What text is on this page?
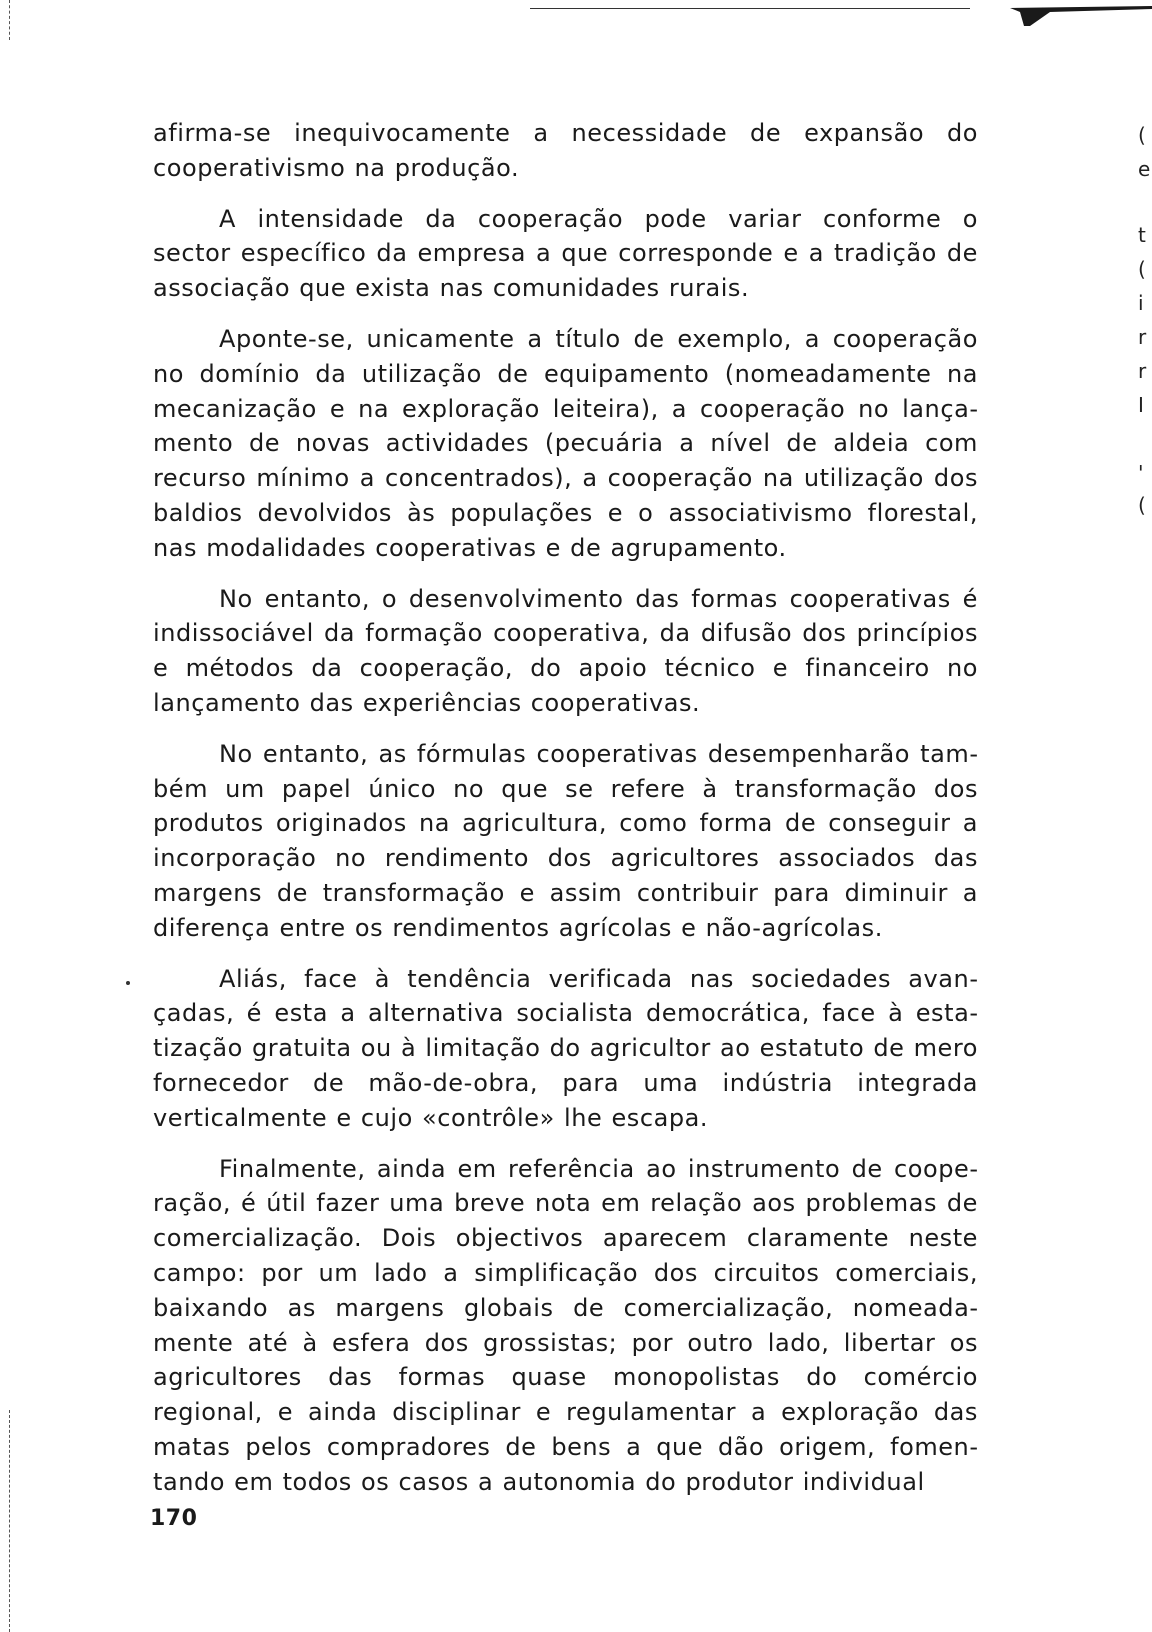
(
e
t
(
i
r
r
I
'
(

afirma-se inequivocamente a necessidade de expansão do cooperativismo na produção.

A intensidade da cooperação pode variar conforme o sector específico da empresa a que corresponde e a tradição de associação que exista nas comunidades rurais.

Aponte-se, unicamente a título de exemplo, a cooperação no domínio da utilização de equipamento (nomeadamente na mecanização e na exploração leiteira), a cooperação no lançamento de novas actividades (pecuária a nível de aldeia com recurso mínimo a concentrados), a cooperação na utilização dos baldios devolvidos às populações e o associativismo florestal, nas modalidades cooperativas e de agrupamento.

No entanto, o desenvolvimento das formas cooperativas é indissociável da formação cooperativa, da difusão dos princípios e métodos da cooperação, do apoio técnico e financeiro no lançamento das experiências cooperativas.

No entanto, as fórmulas cooperativas desempenharão também um papel único no que se refere à transformação dos produtos originados na agricultura, como forma de conseguir a incorporação no rendimento dos agricultores associados das margens de transformação e assim contribuir para diminuir a diferença entre os rendimentos agrícolas e não-agrícolas.

Aliás, face à tendência verificada nas sociedades avançadas, é esta a alternativa socialista democrática, face à estatização gratuita ou à limitação do agricultor ao estatuto de mero fornecedor de mão-de-obra, para uma indústria integrada verticalmente e cujo «contrôle» lhe escapa.

Finalmente, ainda em referência ao instrumento de cooperação, é útil fazer uma breve nota em relação aos problemas de comercialização. Dois objectivos aparecem claramente neste campo: por um lado a simplificação dos circuitos comerciais, baixando as margens globais de comercialização, nomeadamente até à esfera dos grossistas; por outro lado, libertar os agricultores das formas quase monopolistas do comércio regional, e ainda disciplinar e regulamentar a exploração das matas pelos compradores de bens a que dão origem, fomentando em todos os casos a autonomia do produtor individual

170
